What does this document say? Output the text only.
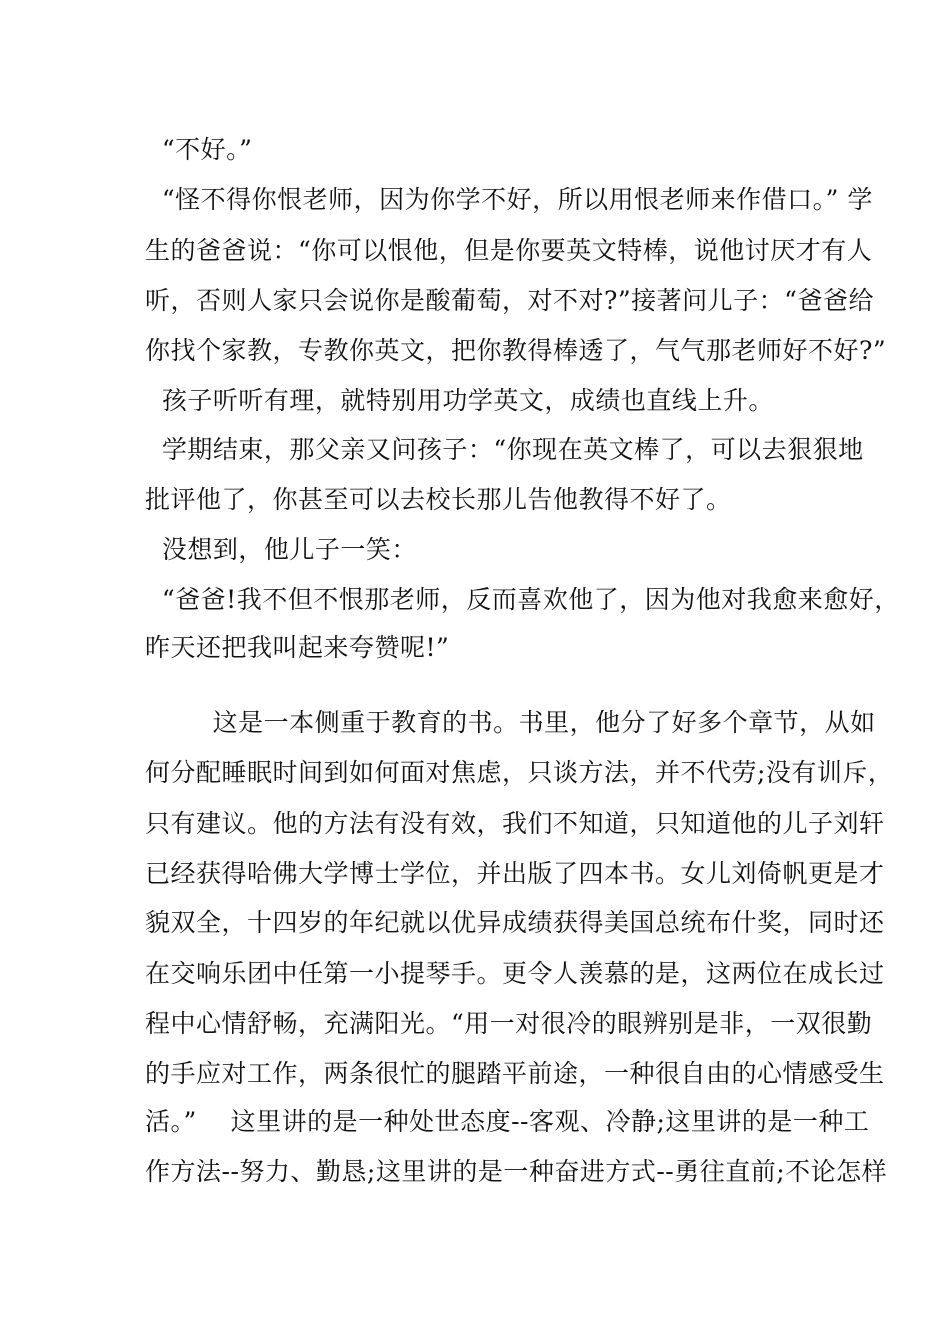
“不好。”
“怪不得你恨老师，因为你学不好，所以用恨老师来作借口。” 学
生的爸爸说：“你可以恨他，但是你要英文特棒，说他讨厌才有人
听，否则人家只会说你是酸葡萄，对不对?”接著问儿子：“爸爸给
你找个家教，专教你英文，把你教得棒透了，气气那老师好不好?”
孩子听听有理，就特别用功学英文，成绩也直线上升。
学期结束，那父亲又问孩子：“你现在英文棒了，可以去狠狠地
批评他了，你甚至可以去校长那儿告他教得不好了。
没想到，他儿子一笑：
“爸爸!我不但不恨那老师，反而喜欢他了，因为他对我愈来愈好，
昨天还把我叫起来夸赞呢!”
这是一本侧重于教育的书。书里，他分了好多个章节，从如
何分配睡眠时间到如何面对焦虑，只谈方法，并不代劳;没有训斥，
只有建议。他的方法有没有效，我们不知道，只知道他的儿子刘轩
已经获得哈佛大学博士学位，并出版了四本书。女儿刘倚帆更是才
貌双全，十四岁的年纪就以优异成绩获得美国总统布什奖，同时还
在交响乐团中任第一小提琴手。更令人羡慕的是，这两位在成长过
程中心情舒畅，充满阳光。“用一对很冷的眼辨别是非，一双很勤
的手应对工作，两条很忙的腿踏平前途，一种很自由的心情感受生
活。”    这里讲的是一种处世态度--客观、冷静;这里讲的是一种工
作方法--努力、勤恳;这里讲的是一种奋进方式--勇往直前;不论怎样
